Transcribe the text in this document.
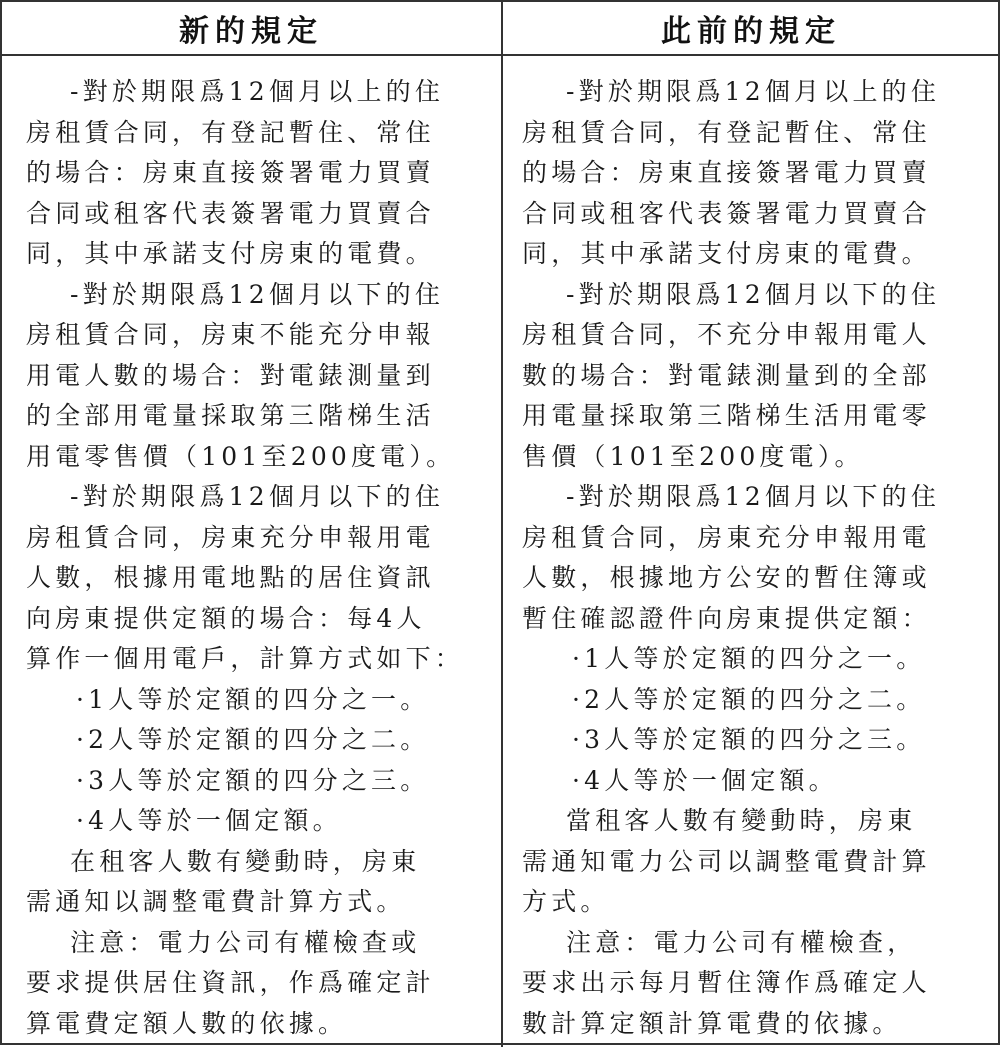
新的規定	此前的規定
-對於期限爲12個月以上的住
房租賃合同，有登記暫住、常住
的場合：房東直接簽署電力買賣
合同或租客代表簽署電力買賣合
同，其中承諾支付房東的電費。
-對於期限爲12個月以下的住
房租賃合同，房東不能充分申報
用電人數的場合：對電錶測量到
的全部用電量採取第三階梯生活
用電零售價（101至200度電）。
-對於期限爲12個月以下的住
房租賃合同，房東充分申報用電
人數，根據用電地點的居住資訊
向房東提供定額的場合：每4人
算作一個用電戶，計算方式如下：
·1人等於定額的四分之一。
·2人等於定額的四分之二。
·3人等於定額的四分之三。
·4人等於一個定額。
在租客人數有變動時，房東
需通知以調整電費計算方式。
注意：電力公司有權檢查或
要求提供居住資訊，作爲確定計
算電費定額人數的依據。
-對於期限爲12個月以上的住
房租賃合同，有登記暫住、常住
的場合：房東直接簽署電力買賣
合同或租客代表簽署電力買賣合
同，其中承諾支付房東的電費。
-對於期限爲12個月以下的住
房租賃合同，不充分申報用電人
數的場合：對電錶測量到的全部
用電量採取第三階梯生活用電零
售價（101至200度電）。
-對於期限爲12個月以下的住
房租賃合同，房東充分申報用電
人數，根據地方公安的暫住簿或
暫住確認證件向房東提供定額：
·1人等於定額的四分之一。
·2人等於定額的四分之二。
·3人等於定額的四分之三。
·4人等於一個定額。
當租客人數有變動時，房東
需通知電力公司以調整電費計算
方式。
注意：電力公司有權檢查，
要求出示每月暫住簿作爲確定人
數計算定額計算電費的依據。
